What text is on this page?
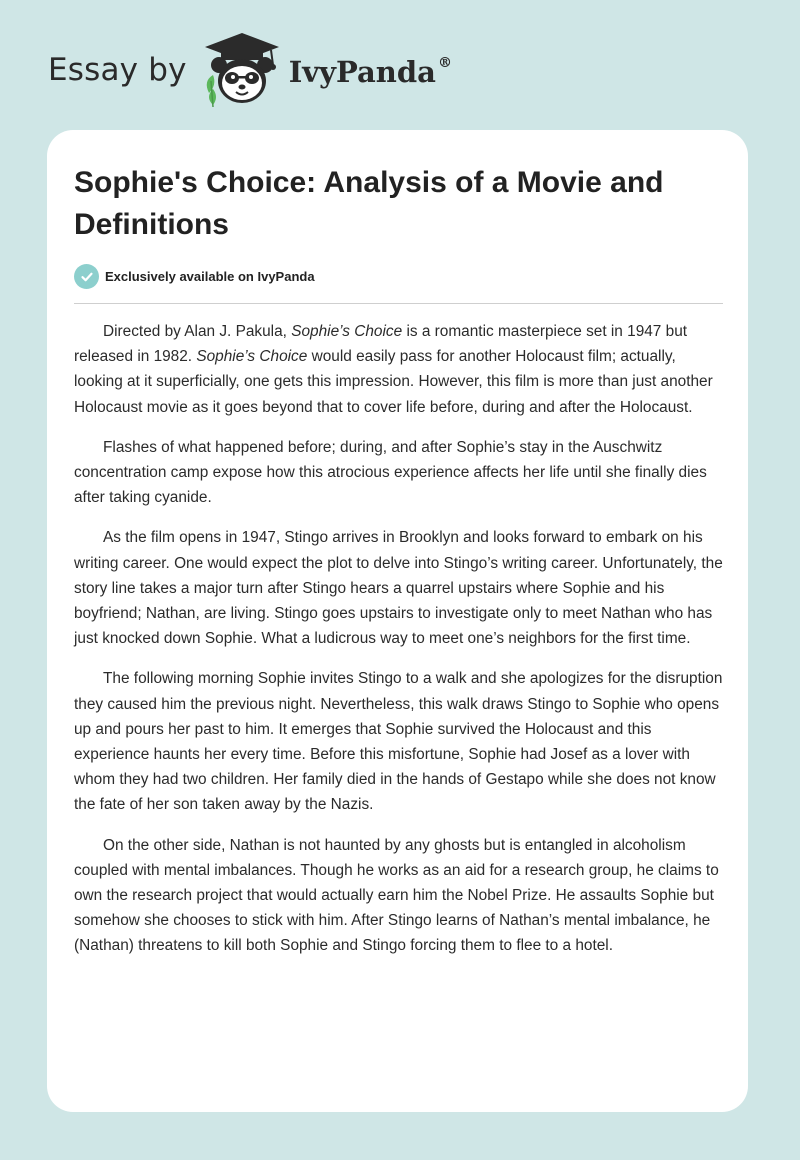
Essay by	IvyPanda ®
Sophie's Choice: Analysis of a Movie and Definitions
Exclusively available on IvyPanda

Directed by Alan J. Pakula, Sophie’s Choice is a romantic masterpiece set in 1947 but released in 1982. Sophie’s Choice would easily pass for another Holocaust film; actually, looking at it superficially, one gets this impression. However, this film is more than just another Holocaust movie as it goes beyond that to cover life before, during and after the Holocaust.

Flashes of what happened before; during, and after Sophie’s stay in the Auschwitz concentration camp expose how this atrocious experience affects her life until she finally dies after taking cyanide.

As the film opens in 1947, Stingo arrives in Brooklyn and looks forward to embark on his writing career. One would expect the plot to delve into Stingo’s writing career. Unfortunately, the story line takes a major turn after Stingo hears a quarrel upstairs where Sophie and his boyfriend; Nathan, are living. Stingo goes upstairs to investigate only to meet Nathan who has just knocked down Sophie. What a ludicrous way to meet one’s neighbors for the first time.

The following morning Sophie invites Stingo to a walk and she apologizes for the disruption they caused him the previous night. Nevertheless, this walk draws Stingo to Sophie who opens up and pours her past to him. It emerges that Sophie survived the Holocaust and this experience haunts her every time. Before this misfortune, Sophie had Josef as a lover with whom they had two children. Her family died in the hands of Gestapo while she does not know the fate of her son taken away by the Nazis.

On the other side, Nathan is not haunted by any ghosts but is entangled in alcoholism coupled with mental imbalances. Though he works as an aid for a research group, he claims to own the research project that would actually earn him the Nobel Prize. He assaults Sophie but somehow she chooses to stick with him. After Stingo learns of Nathan’s mental imbalance, he (Nathan) threatens to kill both Sophie and Stingo forcing them to flee to a hotel.
